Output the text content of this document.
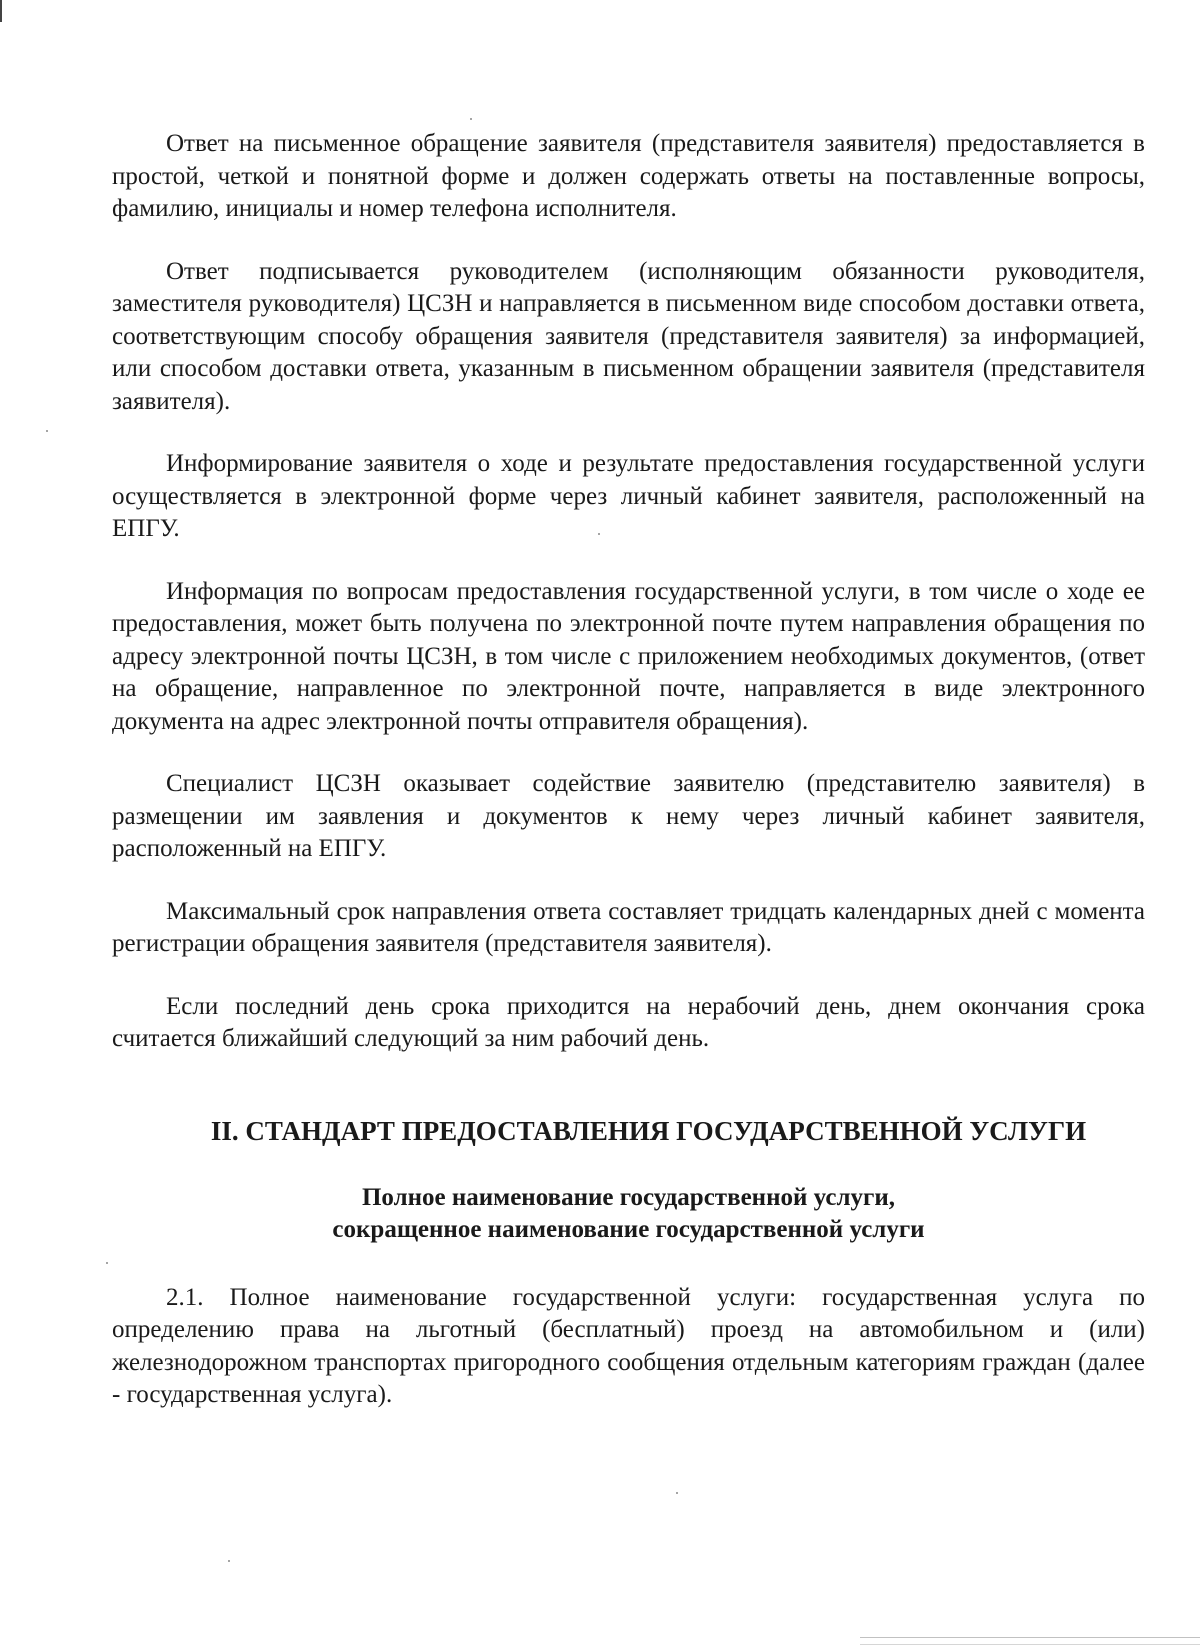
Ответ на письменное обращение заявителя (представителя заявителя) предоставляется в простой, четкой и понятной форме и должен содержать ответы на поставленные вопросы, фамилию, инициалы и номер телефона исполнителя.

Ответ подписывается руководителем (исполняющим обязанности руководителя, заместителя руководителя) ЦСЗН и направляется в письменном виде способом доставки ответа, соответствующим способу обращения заявителя (представителя заявителя) за информацией, или способом доставки ответа, указанным в письменном обращении заявителя (представителя заявителя).

Информирование заявителя о ходе и результате предоставления государственной услуги осуществляется в электронной форме через личный кабинет заявителя, расположенный на ЕПГУ.

Информация по вопросам предоставления государственной услуги, в том числе о ходе ее предоставления, может быть получена по электронной почте путем направления обращения по адресу электронной почты ЦСЗН, в том числе с приложением необходимых документов, (ответ на обращение, направленное по электронной почте, направляется в виде электронного документа на адрес электронной почты отправителя обращения).

Специалист ЦСЗН оказывает содействие заявителю (представителю заявителя) в размещении им заявления и документов к нему через личный кабинет заявителя, расположенный на ЕПГУ.

Максимальный срок направления ответа составляет тридцать календарных дней с момента регистрации обращения заявителя (представителя заявителя).

Если последний день срока приходится на нерабочий день, днем окончания срока считается ближайший следующий за ним рабочий день.

II. СТАНДАРТ ПРЕДОСТАВЛЕНИЯ ГОСУДАРСТВЕННОЙ УСЛУГИ
Полное наименование государственной услуги,
сокращенное наименование государственной услуги

2.1. Полное наименование государственной услуги: государственная услуга по определению права на льготный (бесплатный) проезд на автомобильном и (или) железнодорожном транспортах пригородного сообщения отдельным категориям граждан (далее - государственная услуга).
